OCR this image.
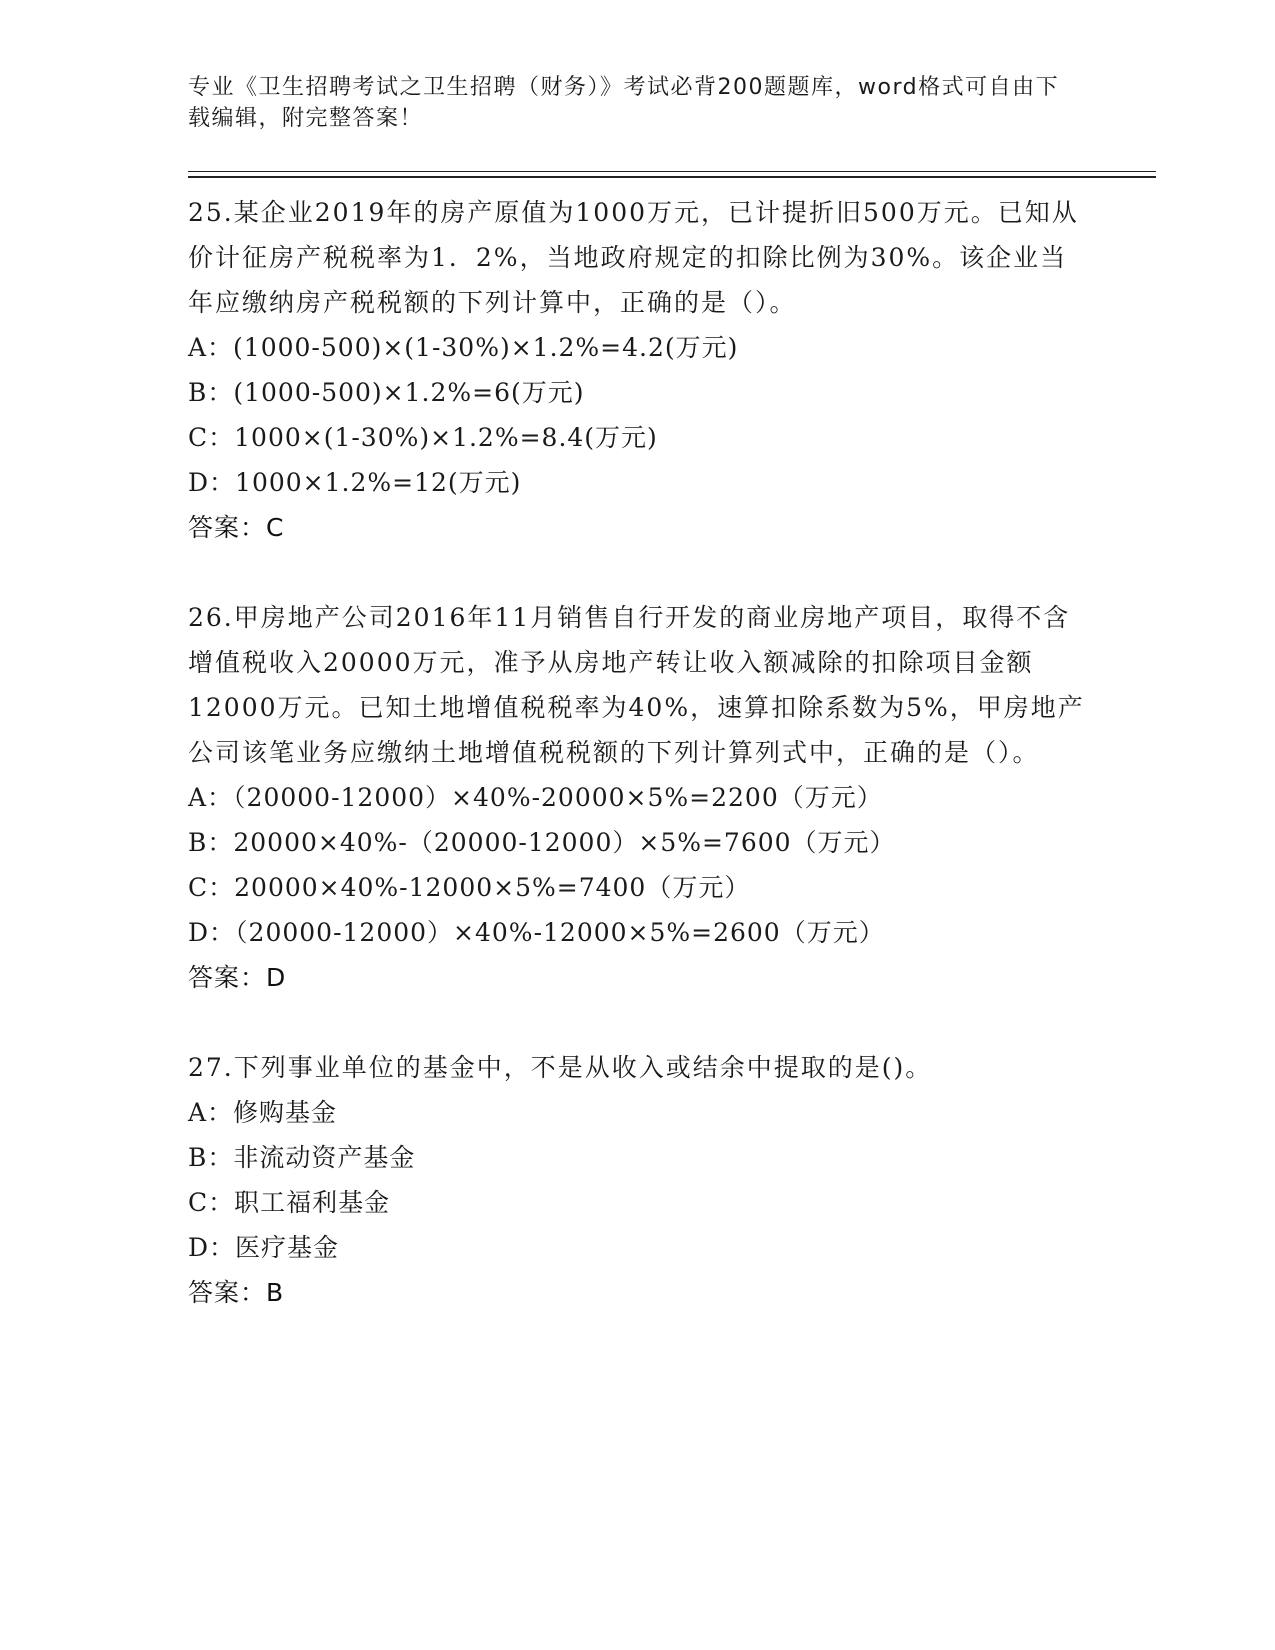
专业《卫生招聘考试之卫生招聘（财务）》考试必背200题题库，word格式可自由下载编辑，附完整答案！

25.某企业2019年的房产原值为1000万元，已计提折旧500万元。已知从价计征房产税税率为1．2%，当地政府规定的扣除比例为30%。该企业当年应缴纳房产税税额的下列计算中，正确的是（）。

A：(1000-500)×(1-30%)×1.2%=4.2(万元)

B：(1000-500)×1.2%=6(万元)

C：1000×(1-30%)×1.2%=8.4(万元)

D：1000×1.2%=12(万元)

答案：C

26.甲房地产公司2016年11月销售自行开发的商业房地产项目，取得不含增值税收入20000万元，准予从房地产转让收入额减除的扣除项目金额12000万元。已知土地增值税税率为40%，速算扣除系数为5%，甲房地产公司该笔业务应缴纳土地增值税税额的下列计算列式中，正确的是（）。

A：（20000-12000）×40%-20000×5%=2200（万元）

B：20000×40%-（20000-12000）×5%=7600（万元）

C：20000×40%-12000×5%=7400（万元）

D：（20000-12000）×40%-12000×5%=2600（万元）

答案：D

27.下列事业单位的基金中，不是从收入或结余中提取的是()。

A：修购基金

B：非流动资产基金

C：职工福利基金

D：医疗基金

答案：B
